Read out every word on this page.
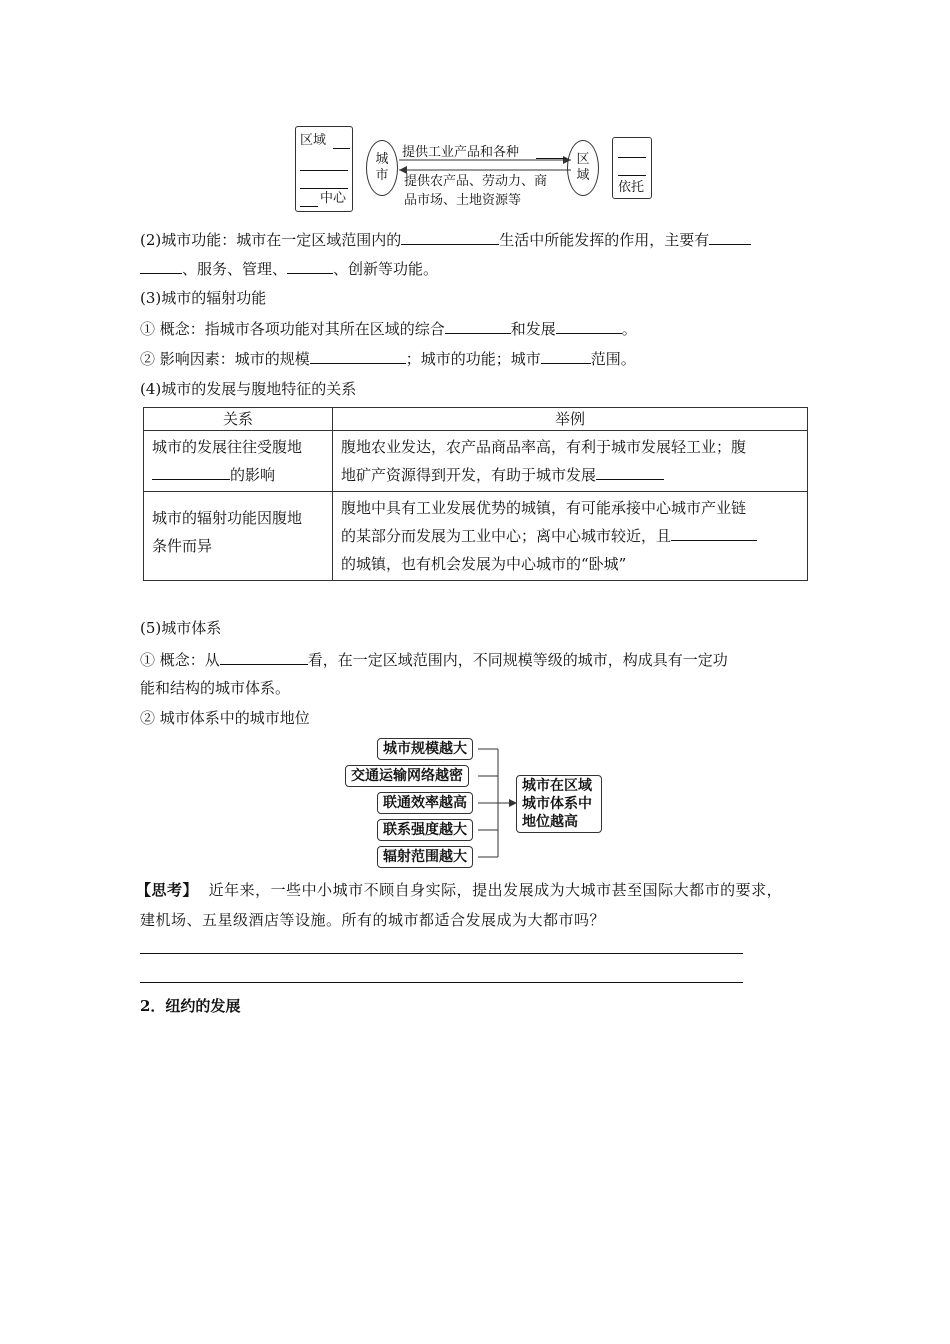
区域
中心
城
市
提供工业产品和各种
提供农产品、劳动力、商
品市场、土地资源等
区
域
依托
(2)城市功能：城市在一定区域范围内的	生活中所能发挥的作用，主要有
、服务、管理、	、创新等功能。
(3)城市的辐射功能
① 概念：指城市各项功能对其所在区域的综合	和发展	。
② 影响因素：城市的规模	；城市的功能；城市	范围。
(4)城市的发展与腹地特征的关系
关系	举例
城市的发展往往受腹地
的影响	腹地农业发达，农产品商品率高，有利于城市发展轻工业；腹
地矿产资源得到开发，有助于城市发展
城市的辐射功能因腹地
条件而异	腹地中具有工业发展优势的城镇，有可能承接中心城市产业链
的某部分而发展为工业中心；离中心城市较近，且
的城镇，也有机会发展为中心城市的“卧城”
(5)城市体系
① 概念：从	看，在一定区域范围内，不同规模等级的城市，构成具有一定功
能和结构的城市体系。
② 城市体系中的城市地位
城市规模越大
交通运输网络越密
联通效率越高
联系强度越大
辐射范围越大
城市在区域
城市体系中
地位越高
【思考】 近年来，一些中小城市不顾自身实际，提出发展成为大城市甚至国际大都市的要求，
建机场、五星级酒店等设施。所有的城市都适合发展成为大都市吗？
2．纽约的发展
